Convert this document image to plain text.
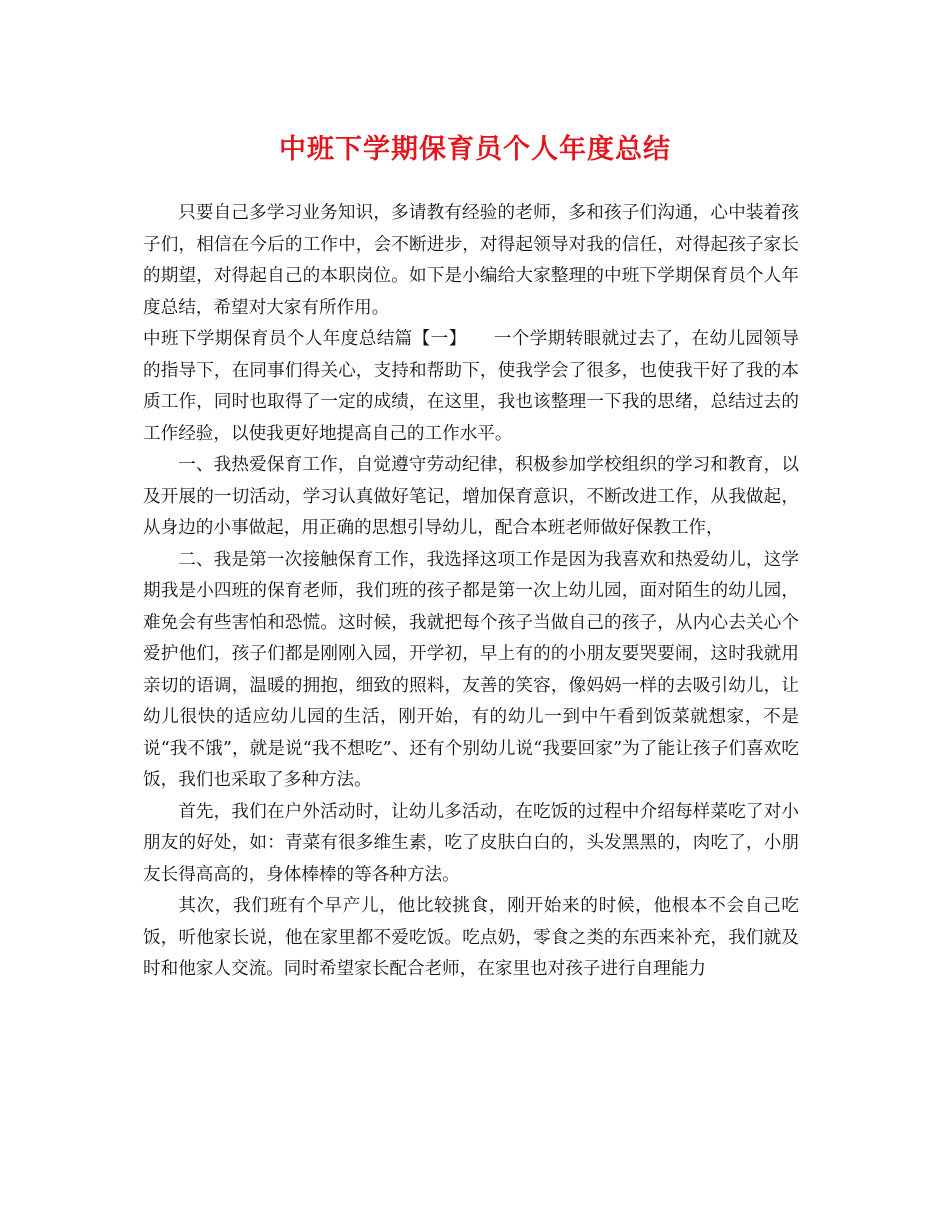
中班下学期保育员个人年度总结

只要自己多学习业务知识，多请教有经验的老师，多和孩子们沟通，心中装着孩子们，相信在今后的工作中，会不断进步，对得起领导对我的信任，对得起孩子家长的期望，对得起自己的本职岗位。如下是小编给大家整理的中班下学期保育员个人年度总结，希望对大家有所作用。

中班下学期保育员个人年度总结篇【一】　　一个学期转眼就过去了，在幼儿园领导的指导下，在同事们得关心，支持和帮助下，使我学会了很多，也使我干好了我的本质工作，同时也取得了一定的成绩，在这里，我也该整理一下我的思绪，总结过去的工作经验，以使我更好地提高自己的工作水平。

一、我热爱保育工作，自觉遵守劳动纪律，积极参加学校组织的学习和教育，以及开展的一切活动，学习认真做好笔记，增加保育意识，不断改进工作，从我做起，从身边的小事做起，用正确的思想引导幼儿，配合本班老师做好保教工作，

二、我是第一次接触保育工作，我选择这项工作是因为我喜欢和热爱幼儿，这学期我是小四班的保育老师，我们班的孩子都是第一次上幼儿园，面对陌生的幼儿园，难免会有些害怕和恐慌。这时候，我就把每个孩子当做自己的孩子，从内心去关心个爱护他们，孩子们都是刚刚入园，开学初，早上有的的小朋友要哭要闹，这时我就用亲切的语调，温暖的拥抱，细致的照料，友善的笑容，像妈妈一样的去吸引幼儿，让幼儿很快的适应幼儿园的生活，刚开始，有的幼儿一到中午看到饭菜就想家，不是说“我不饿”，就是说“我不想吃”、还有个别幼儿说“我要回家”为了能让孩子们喜欢吃饭，我们也采取了多种方法。

首先，我们在户外活动时，让幼儿多活动，在吃饭的过程中介绍每样菜吃了对小朋友的好处，如：青菜有很多维生素，吃了皮肤白白的，头发黑黑的，肉吃了，小朋友长得高高的，身体棒棒的等各种方法。

其次，我们班有个早产儿，他比较挑食，刚开始来的时候，他根本不会自己吃饭，听他家长说，他在家里都不爱吃饭。吃点奶，零食之类的东西来补充，我们就及时和他家人交流。同时希望家长配合老师，在家里也对孩子进行自理能力
